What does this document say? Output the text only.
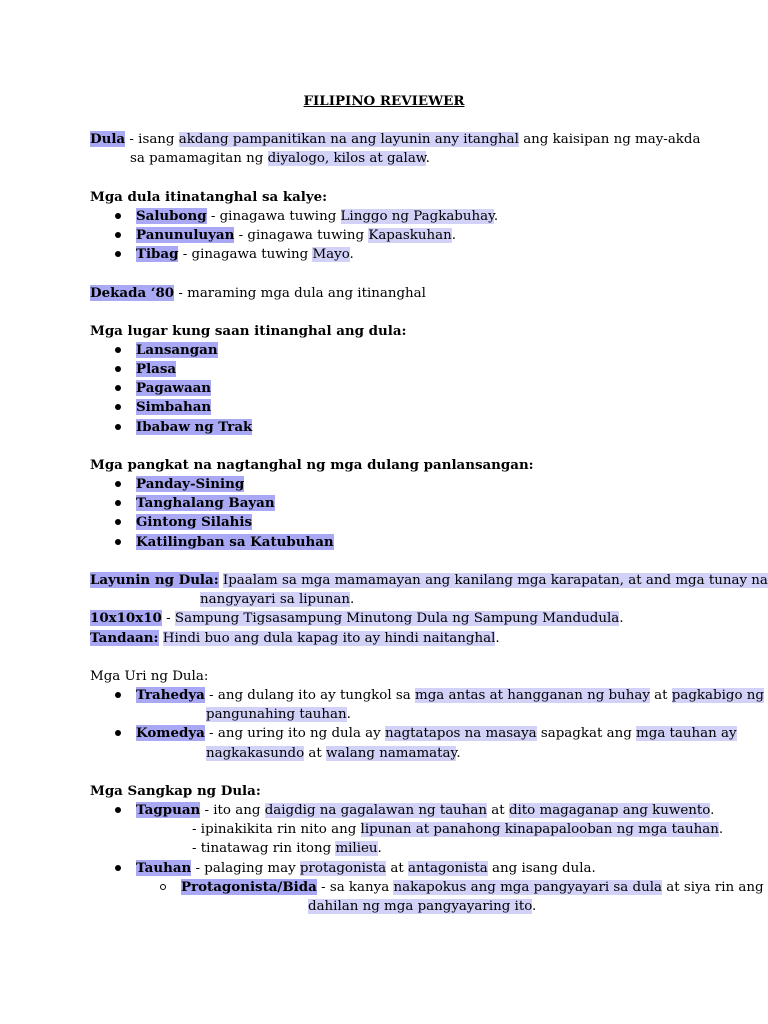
FILIPINO REVIEWER
Dula - isang akdang pampanitikan na ang layunin any itanghal ang kaisipan ng may-akda
sa pamamagitan ng diyalogo, kilos at galaw.
Mga dula itinatanghal sa kalye:
Salubong - ginagawa tuwing Linggo ng Pagkabuhay.
Panunuluyan - ginagawa tuwing Kapaskuhan.
Tibag - ginagawa tuwing Mayo.
Dekada ‘80 - maraming mga dula ang itinanghal
Mga lugar kung saan itinanghal ang dula:
Lansangan
Plasa
Pagawaan
Simbahan
Ibabaw ng Trak
Mga pangkat na nagtanghal ng mga dulang panlansangan:
Panday-Sining
Tanghalang Bayan
Gintong Silahis
Katilingban sa Katubuhan
Layunin ng Dula: Ipaalam sa mga mamamayan ang kanilang mga karapatan, at and mga tunay na
nangyayari sa lipunan.
10x10x10 - Sampung Tigsasampung Minutong Dula ng Sampung Mandudula.
Tandaan: Hindi buo ang dula kapag ito ay hindi naitanghal.
Mga Uri ng Dula:
Trahedya - ang dulang ito ay tungkol sa mga antas at hangganan ng buhay at pagkabigo ng
pangunahing tauhan.
Komedya - ang uring ito ng dula ay nagtatapos na masaya sapagkat ang mga tauhan ay
nagkakasundo at walang namamatay.
Mga Sangkap ng Dula:
Tagpuan - ito ang daigdig na gagalawan ng tauhan at dito magaganap ang kuwento.
- ipinakikita rin nito ang lipunan at panahong kinapapalooban ng mga tauhan.
- tinatawag rin itong milieu.
Tauhan - palaging may protagonista at antagonista ang isang dula.
Protagonista/Bida - sa kanya nakapokus ang mga pangyayari sa dula at siya rin ang
dahilan ng mga pangyayaring ito.
